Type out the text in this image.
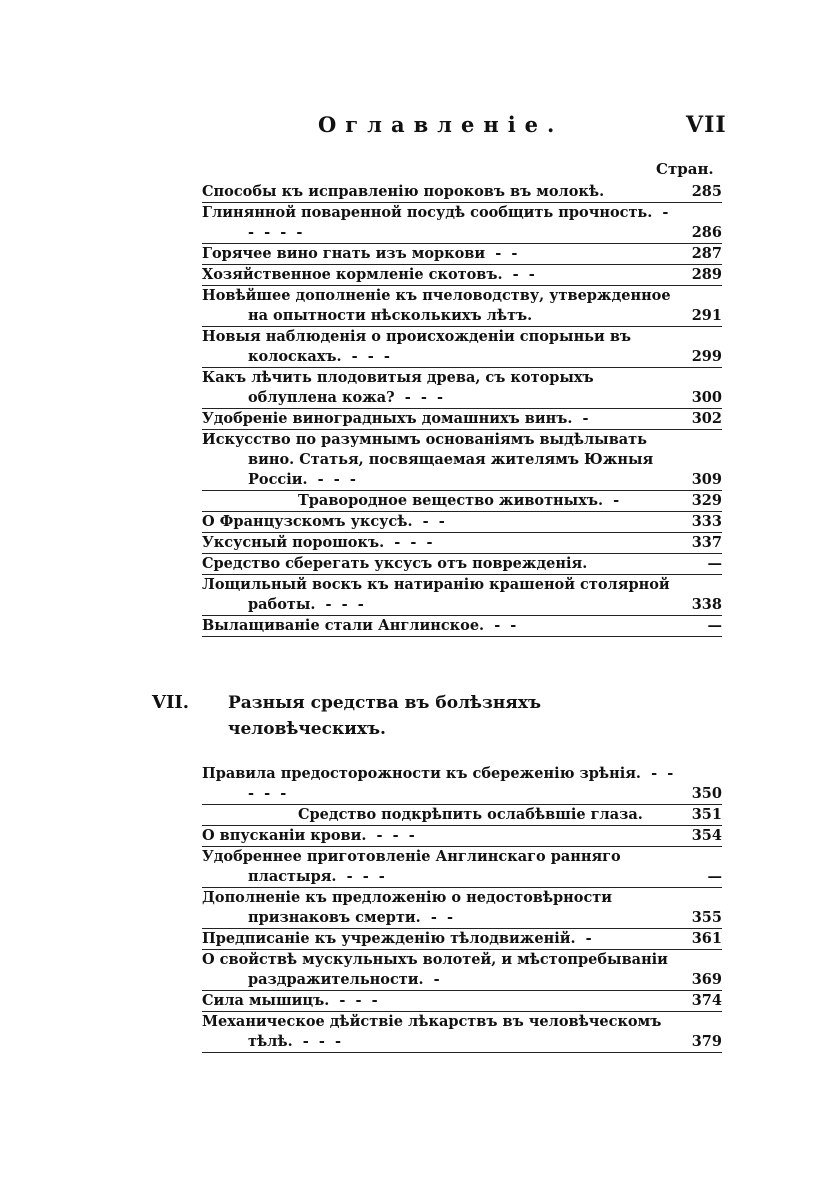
Оглавленiе.	VII
Стран.
Способы къ исправленiю пороковъ въ молокѣ.	285
Глинянной поваренной посудѣ сообщить прочность.  -  -  -  -  -	286
Горячее вино гнать изъ моркови  -  -	287
Хозяйственное кормленiе скотовъ.  -  -	289
Новѣйшее дополненiе къ пчеловодству, утвержденное на опытности нѣсколькихъ лѣтъ.	291
Новыя наблюденiя о происхожденiи спорыньи въ колоскахъ.  -  -  -	299
Какъ лѣчить плодовитыя древа, съ которыхъ облуплена кожа?  -  -  -	300
Удобренiе виноградныхъ домашнихъ винъ.  -	302
Искусство по разумнымъ основанiямъ выдѣлывать вино. Статья, посвящаемая жителямъ Южныя Россiи.  -  -  -	309
Травородное вещество животныхъ.  -	329
О Французскомъ уксусѣ.  -  -	333
Уксусный порошокъ.  -  -  -	337
Средство сберегать уксусъ отъ поврежденiя.	—
Лощильный воскъ къ натиранiю крашеной столярной работы.  -  -  -	338
Вылащиванiе стали Англинское.  -  -	—
VII. Разныя средства въ болѣзняхъ человѣческихъ.
Правила предосторожности къ сбереженiю зрѣнiя.  -  -  -  -  -	350
Средство подкрѣпить ослабѣвшiе глаза.	351
О впусканiи крови.  -  -  -	354
Удобреннее приготовленiе Англинскаго ранняго пластыря.  -  -  -	—
Дополненiе къ предложенiю о недостовѣрности признаковъ смерти.  -  -	355
Предписанiе къ учрежденiю тѣлодвиженiй.  -	361
О свойствѣ мускульныхъ волотей, и мѣстопребыванiи раздражительности.  -	369
Сила мышицъ.  -  -  -	374
Механическое дѣйствiе лѣкарствъ въ человѣческомъ тѣлѣ.  -  -  -	379
